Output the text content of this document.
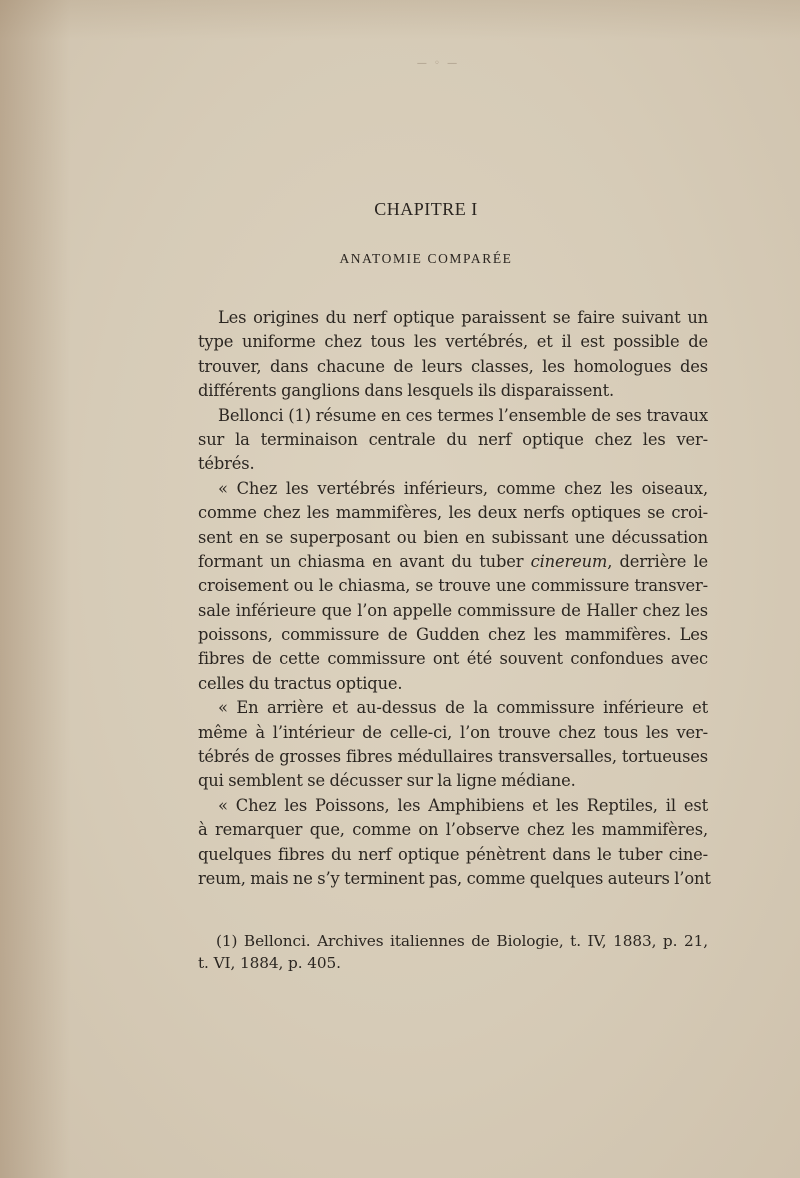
— ◦ —
CHAPITRE I
ANATOMIE COMPARÉE
Les origines du nerf optique paraissent se faire suivant un
type uniforme chez tous les vertébrés, et il est possible de
trouver, dans chacune de leurs classes, les homologues des
différents ganglions dans lesquels ils disparaissent.
Belloncі (1) résume en ces termes l’ensemble de ses travaux
sur la terminaison centrale du nerf optique chez les ver-
tébrés.
« Chez les vertébrés inférieurs, comme chez les oiseaux,
comme chez les mammifères, les deux nerfs optiques se croi-
sent en se superposant ou bien en subissant une décussation
formant un chiasma en avant du tuber cinereum, derrière le
croisement ou le chiasma, se trouve une commissure transver-
sale inférieure que l’on appelle commissure de Haller chez les
poissons, commissure de Gudden chez les mammifères. Les
fibres de cette commissure ont été souvent confondues avec
celles du tractus optique.
« En arrière et au-dessus de la commissure inférieure et
même à l’intérieur de celle-ci, l’on trouve chez tous les ver-
tébrés de grosses fibres médullaires transversalles, tortueuses
qui semblent se décusser sur la ligne médiane.
« Chez les Poissons, les Amphibiens et les Reptiles, il est
à remarquer que, comme on l’observe chez les mammifères,
quelques fibres du nerf optique pénètrent dans le tuber cine-
reum, mais ne s’y terminent pas, comme quelques auteurs l’ont
(1) Bellonci. Archives italiennes de Biologie, t. IV, 1883, p. 21,
t. VI, 1884, p. 405.
